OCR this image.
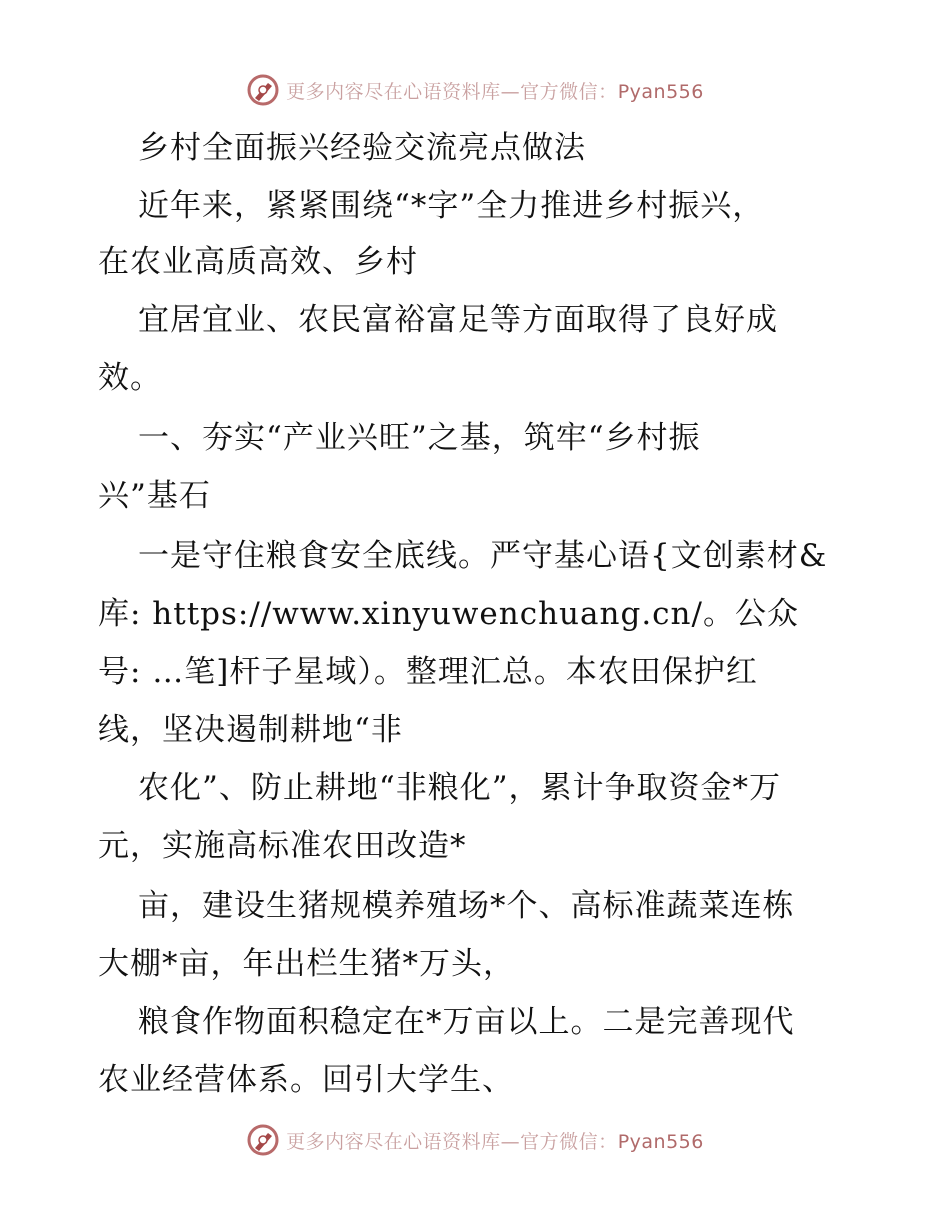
更多内容尽在心语资料库—官方微信：Pyan556
乡村全面振兴经验交流亮点做法
近年来，紧紧围绕“*字”全力推进乡村振兴，
在农业高质高效、乡村
宜居宜业、农民富裕富足等方面取得了良好成
效。
一、夯实“产业兴旺”之基，筑牢“乡村振
兴”基石
一是守住粮食安全底线。严守基心语{文创素材&
库: https://www.xinyuwenchuang.cn/。公众
号: …笔]杆子星域）。整理汇总。本农田保护红
线，坚决遏制耕地“非
农化”、防止耕地“非粮化”，累计争取资金*万
元，实施高标准农田改造*
亩，建设生猪规模养殖场*个、高标准蔬菜连栋
大棚*亩，年出栏生猪*万头，
粮食作物面积稳定在*万亩以上。二是完善现代
农业经营体系。回引大学生、
更多内容尽在心语资料库—官方微信：Pyan556
